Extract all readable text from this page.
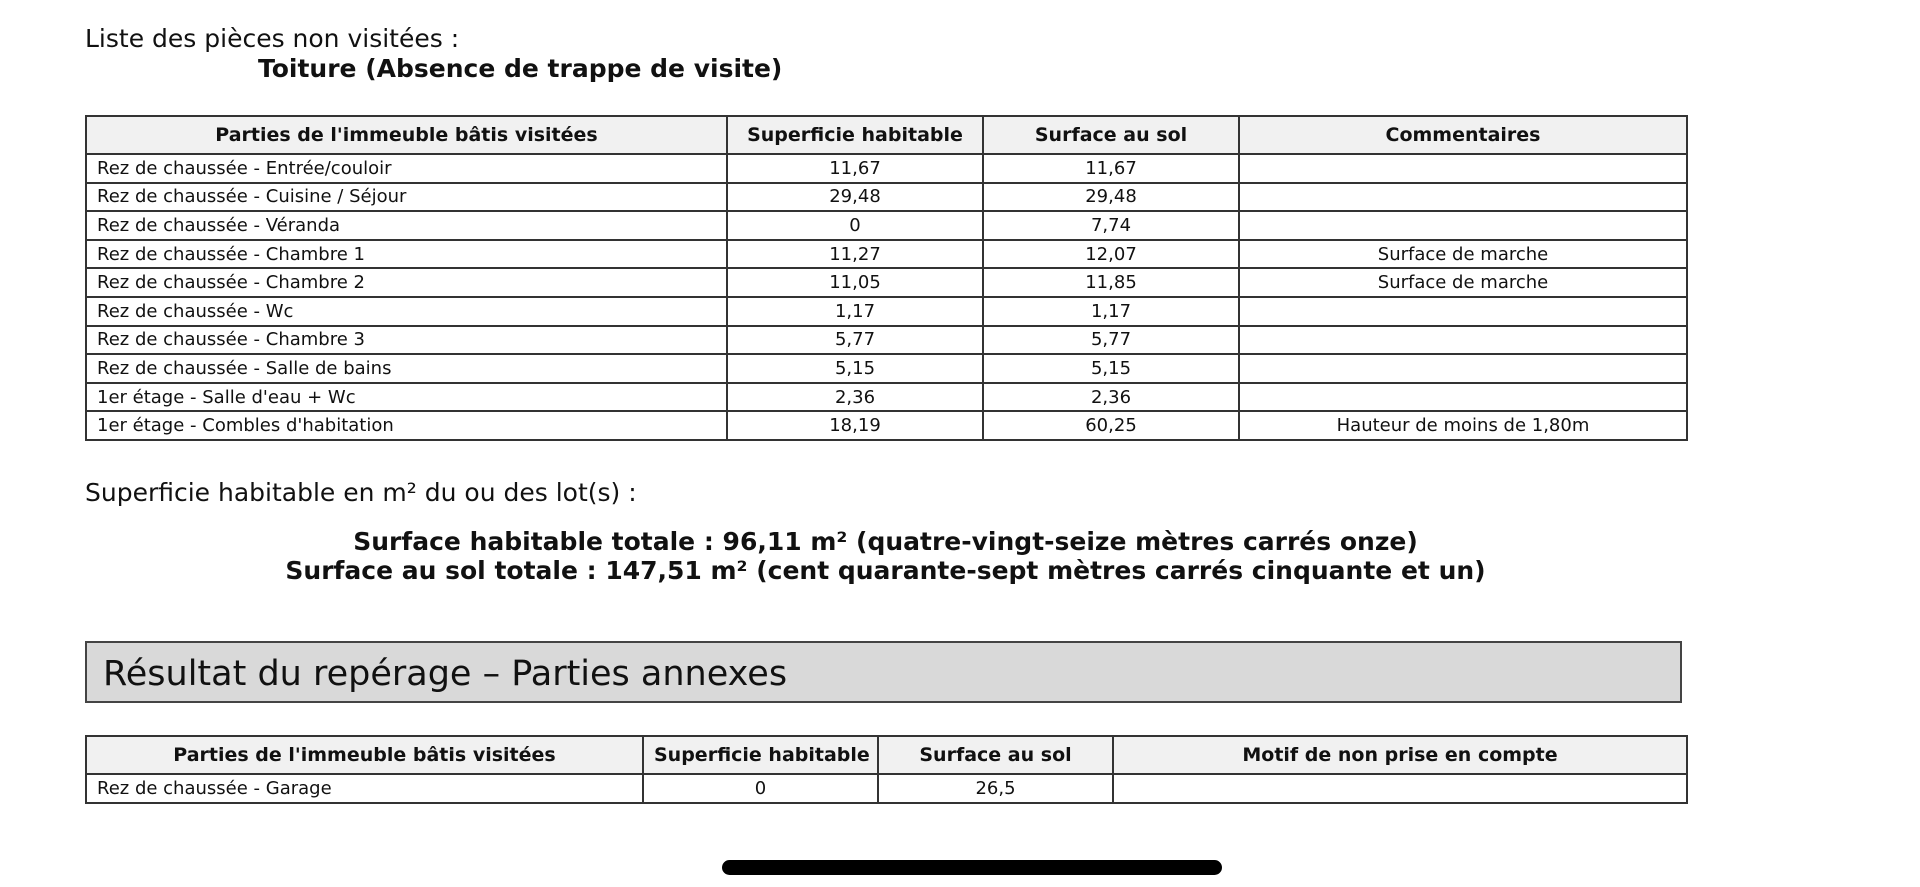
Liste des pièces non visitées :
Toiture (Absence de trappe de visite)
Parties de l'immeuble bâtis visitées	Superficie habitable	Surface au sol	Commentaires
Rez de chaussée - Entrée/couloir	11,67	11,67	
Rez de chaussée - Cuisine / Séjour	29,48	29,48	
Rez de chaussée - Véranda	0	7,74	
Rez de chaussée - Chambre 1	11,27	12,07	Surface de marche
Rez de chaussée - Chambre 2	11,05	11,85	Surface de marche
Rez de chaussée - Wc	1,17	1,17	
Rez de chaussée - Chambre 3	5,77	5,77	
Rez de chaussée - Salle de bains	5,15	5,15	
1er étage - Salle d'eau + Wc	2,36	2,36	
1er étage - Combles d'habitation	18,19	60,25	Hauteur de moins de 1,80m
Superficie habitable en m² du ou des lot(s) :
Surface habitable totale : 96,11 m² (quatre-vingt-seize mètres carrés onze)
Surface au sol totale : 147,51 m² (cent quarante-sept mètres carrés cinquante et un)
Résultat du repérage – Parties annexes
Parties de l'immeuble bâtis visitées	Superficie habitable	Surface au sol	Motif de non prise en compte
Rez de chaussée - Garage	0	26,5	
